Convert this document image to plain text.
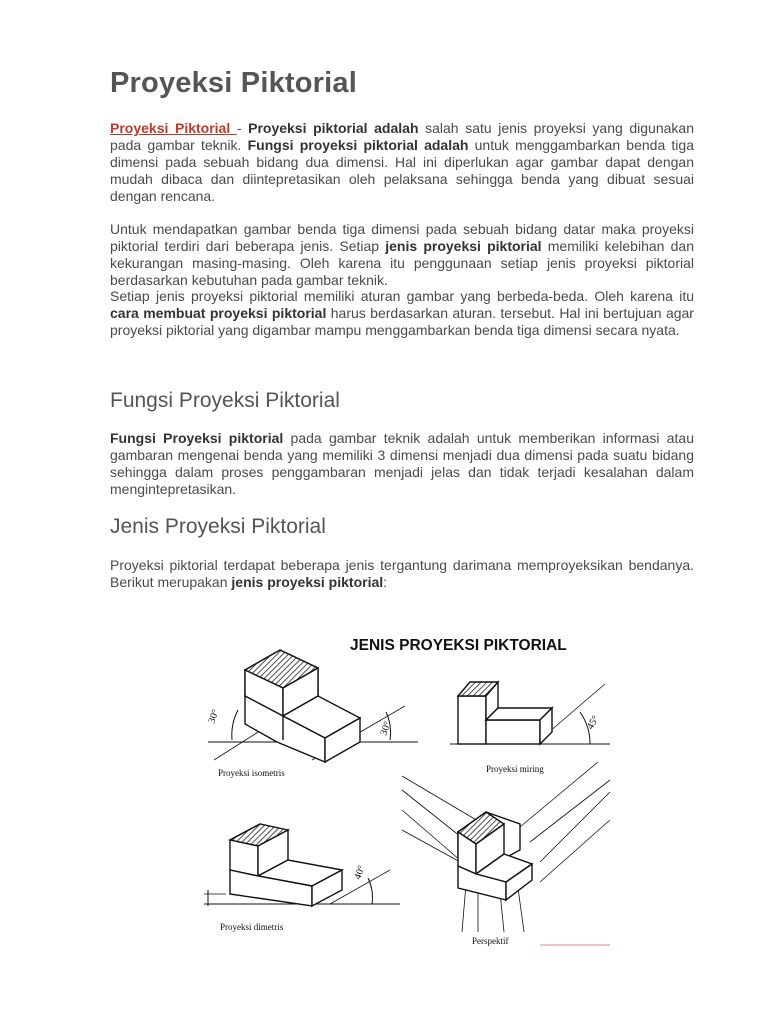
Proyeksi Piktorial

Proyeksi Piktorial - Proyeksi piktorial adalah salah satu jenis proyeksi yang digunakan pada gambar teknik. Fungsi proyeksi piktorial adalah untuk menggambarkan benda tiga dimensi pada sebuah bidang dua dimensi. Hal ini diperlukan agar gambar dapat dengan mudah dibaca dan diintepretasikan oleh pelaksana sehingga benda yang dibuat sesuai dengan rencana.

Untuk mendapatkan gambar benda tiga dimensi pada sebuah bidang datar maka proyeksi piktorial terdiri dari beberapa jenis. Setiap jenis proyeksi piktorial memiliki kelebihan dan kekurangan masing-masing. Oleh karena itu penggunaan setiap jenis proyeksi piktorial berdasarkan kebutuhan pada gambar teknik.

Setiap jenis proyeksi piktorial memiliki aturan gambar yang berbeda-beda. Oleh karena itu cara membuat proyeksi piktorial harus berdasarkan aturan. tersebut. Hal ini bertujuan agar proyeksi piktorial yang digambar mampu menggambarkan benda tiga dimensi secara nyata.

Fungsi Proyeksi Piktorial

Fungsi Proyeksi piktorial pada gambar teknik adalah untuk memberikan informasi atau gambaran mengenai benda yang memiliki 3 dimensi menjadi dua dimensi pada suatu bidang sehingga dalam proses penggambaran menjadi jelas dan tidak terjadi kesalahan dalam mengintepretasikan.

Jenis Proyeksi Piktorial

Proyeksi piktorial terdapat beberapa jenis tergantung darimana memproyeksikan bendanya. Berikut merupakan jenis proyeksi piktorial:

JENIS PROYEKSI PIKTORIAL
30°
30°
Proyeksi isometris
45°
Proyeksi miring
40°
Proyeksi dimetris
Perspektif
